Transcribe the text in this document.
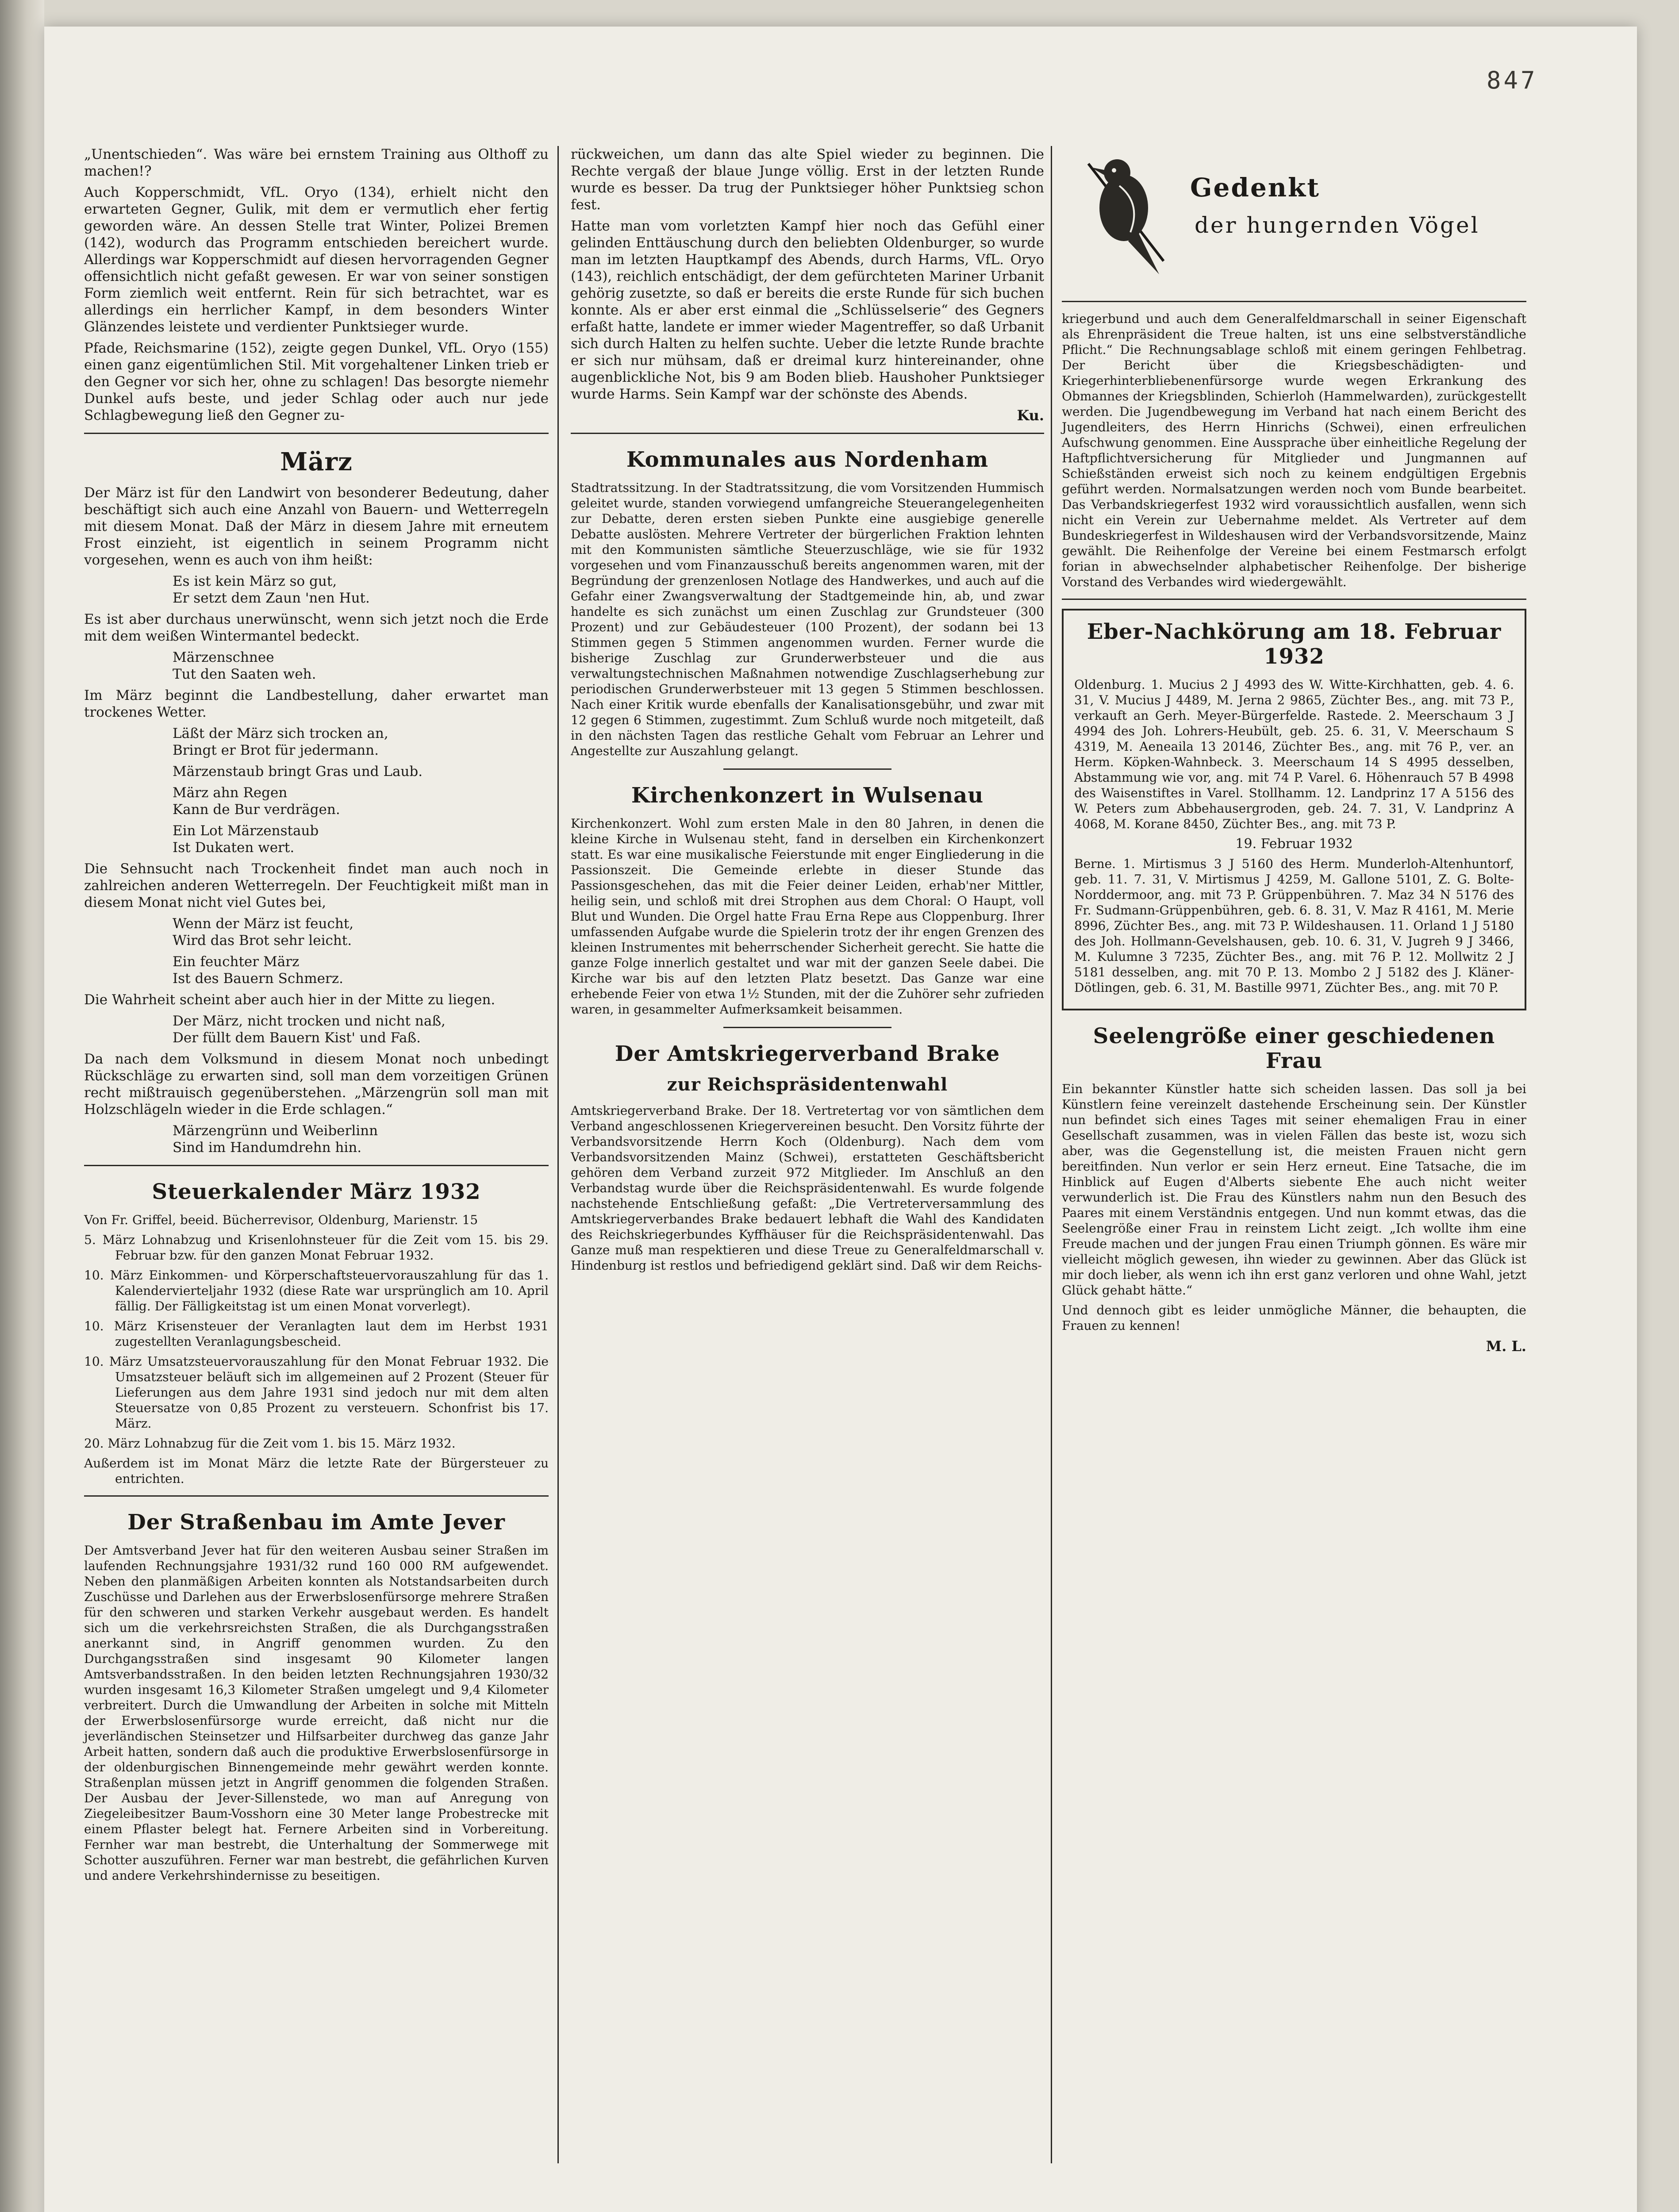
847

„Unentschieden“. Was wäre bei ernstem Training aus Olthoff zu machen!?

Auch Kopperschmidt, VfL. Oryo (134), erhielt nicht den erwarteten Gegner, Gulik, mit dem er vermutlich eher fertig geworden wäre. An dessen Stelle trat Winter, Polizei Bremen (142), wodurch das Programm entschieden bereichert wurde. Allerdings war Kopperschmidt auf diesen hervorragenden Gegner offensichtlich nicht gefaßt gewesen. Er war von seiner sonstigen Form ziemlich weit entfernt. Rein für sich betrachtet, war es allerdings ein herrlicher Kampf, in dem besonders Winter Glänzendes leistete und verdienter Punktsieger wurde.

Pfade, Reichsmarine (152), zeigte gegen Dunkel, VfL. Oryo (155) einen ganz eigentümlichen Stil. Mit vorgehaltener Linken trieb er den Gegner vor sich her, ohne zu schlagen! Das besorgte niemehr Dunkel aufs beste, und jeder Schlag oder auch nur jede Schlagbewegung ließ den Gegner zu-

März

Der März ist für den Landwirt von besonderer Bedeutung, daher beschäftigt sich auch eine Anzahl von Bauern- und Wetterregeln mit diesem Monat. Daß der März in diesem Jahre mit erneutem Frost einzieht, ist eigentlich in seinem Programm nicht vorgesehen, wenn es auch von ihm heißt:

Es ist kein März so gut,
Er setzt dem Zaun 'nen Hut.

Es ist aber durchaus unerwünscht, wenn sich jetzt noch die Erde mit dem weißen Wintermantel bedeckt.

Märzenschnee
Tut den Saaten weh.

Im März beginnt die Landbestellung, daher erwartet man trockenes Wetter.

Läßt der März sich trocken an,
Bringt er Brot für jedermann.

Märzenstaub bringt Gras und Laub.

März ahn Regen
Kann de Bur verdrägen.

Ein Lot Märzenstaub
Ist Dukaten wert.

Die Sehnsucht nach Trockenheit findet man auch noch in zahlreichen anderen Wetterregeln. Der Feuchtigkeit mißt man in diesem Monat nicht viel Gutes bei,

Wenn der März ist feucht,
Wird das Brot sehr leicht.

Ein feuchter März
Ist des Bauern Schmerz.

Die Wahrheit scheint aber auch hier in der Mitte zu liegen.

Der März, nicht trocken und nicht naß,
Der füllt dem Bauern Kist' und Faß.

Da nach dem Volksmund in diesem Monat noch unbedingt Rückschläge zu erwarten sind, soll man dem vorzeitigen Grünen recht mißtrauisch gegenüberstehen. „Märzengrün soll man mit Holzschlägeln wieder in die Erde schlagen.“

Märzengrünn und Weiberlinn
Sind im Handumdrehn hin.

Steuerkalender März 1932

Von Fr. Griffel, beeid. Bücherrevisor, Oldenburg, Marienstr. 15

5. März Lohnabzug und Krisenlohnsteuer für die Zeit vom 15. bis 29. Februar bzw. für den ganzen Monat Februar 1932.

10. März Einkommen- und Körperschaftsteuervorauszahlung für das 1. Kalendervierteljahr 1932 (diese Rate war ursprünglich am 10. April fällig. Der Fälligkeitstag ist um einen Monat vorverlegt).

10. März Krisensteuer der Veranlagten laut dem im Herbst 1931 zugestellten Veranlagungsbescheid.

10. März Umsatzsteuervorauszahlung für den Monat Februar 1932. Die Umsatzsteuer beläuft sich im allgemeinen auf 2 Prozent (Steuer für Lieferungen aus dem Jahre 1931 sind jedoch nur mit dem alten Steuersatze von 0,85 Prozent zu versteuern. Schonfrist bis 17. März.

20. März Lohnabzug für die Zeit vom 1. bis 15. März 1932.

Außerdem ist im Monat März die letzte Rate der Bürgersteuer zu entrichten.

Der Straßenbau im Amte Jever

Der Amtsverband Jever hat für den weiteren Ausbau seiner Straßen im laufenden Rechnungsjahre 1931/32 rund 160 000 RM aufgewendet. Neben den planmäßigen Arbeiten konnten als Notstandsarbeiten durch Zuschüsse und Darlehen aus der Erwerbslosenfürsorge mehrere Straßen für den schweren und starken Verkehr ausgebaut werden. Es handelt sich um die verkehrsreichsten Straßen, die als Durchgangsstraßen anerkannt sind, in Angriff genommen wurden. Zu den Durchgangsstraßen sind insgesamt 90 Kilometer langen Amtsverbandsstraßen. In den beiden letzten Rechnungsjahren 1930/32 wurden insgesamt 16,3 Kilometer Straßen umgelegt und 9,4 Kilometer verbreitert. Durch die Umwandlung der Arbeiten in solche mit Mitteln der Erwerbslosenfürsorge wurde erreicht, daß nicht nur die jeverländischen Steinsetzer und Hilfsarbeiter durchweg das ganze Jahr Arbeit hatten, sondern daß auch die produktive Erwerbslosenfürsorge in der oldenburgischen Binnengemeinde mehr gewährt werden konnte. Straßenplan müssen jetzt in Angriff genommen die folgenden Straßen. Der Ausbau der Jever-Sillenstede, wo man auf Anregung von Ziegeleibesitzer Baum-Vosshorn eine 30 Meter lange Probestrecke mit einem Pflaster belegt hat. Fernere Arbeiten sind in Vorbereitung. Fernher war man bestrebt, die Unterhaltung der Sommerwege mit Schotter auszuführen. Ferner war man bestrebt, die gefährlichen Kurven und andere Verkehrshindernisse zu beseitigen.

rückweichen, um dann das alte Spiel wieder zu beginnen. Die Rechte vergaß der blaue Junge völlig. Erst in der letzten Runde wurde es besser. Da trug der Punktsieger höher Punktsieg schon fest.

Hatte man vom vorletzten Kampf hier noch das Gefühl einer gelinden Enttäuschung durch den beliebten Oldenburger, so wurde man im letzten Hauptkampf des Abends, durch Harms, VfL. Oryo (143), reichlich entschädigt, der dem gefürchteten Mariner Urbanit gehörig zusetzte, so daß er bereits die erste Runde für sich buchen konnte. Als er aber erst einmal die „Schlüsselserie“ des Gegners erfaßt hatte, landete er immer wieder Magentreffer, so daß Urbanit sich durch Halten zu helfen suchte. Ueber die letzte Runde brachte er sich nur mühsam, daß er dreimal kurz hintereinander, ohne augenblickliche Not, bis 9 am Boden blieb. Haushoher Punktsieger wurde Harms. Sein Kampf war der schönste des Abends.

Ku.

Kommunales aus Nordenham

Stadtratssitzung. In der Stadtratssitzung, die vom Vorsitzenden Hummisch geleitet wurde, standen vorwiegend umfangreiche Steuerangelegenheiten zur Debatte, deren ersten sieben Punkte eine ausgiebige generelle Debatte auslösten. Mehrere Vertreter der bürgerlichen Fraktion lehnten mit den Kommunisten sämtliche Steuerzuschläge, wie sie für 1932 vorgesehen und vom Finanzausschuß bereits angenommen waren, mit der Begründung der grenzenlosen Notlage des Handwerkes, und auch auf die Gefahr einer Zwangsverwaltung der Stadtgemeinde hin, ab, und zwar handelte es sich zunächst um einen Zuschlag zur Grundsteuer (300 Prozent) und zur Gebäudesteuer (100 Prozent), der sodann bei 13 Stimmen gegen 5 Stimmen angenommen wurden. Ferner wurde die bisherige Zuschlag zur Grunderwerbsteuer und die aus verwaltungstechnischen Maßnahmen notwendige Zuschlagserhebung zur periodischen Grunderwerbsteuer mit 13 gegen 5 Stimmen beschlossen. Nach einer Kritik wurde ebenfalls der Kanalisationsgebühr, und zwar mit 12 gegen 6 Stimmen, zugestimmt. Zum Schluß wurde noch mitgeteilt, daß in den nächsten Tagen das restliche Gehalt vom Februar an Lehrer und Angestellte zur Auszahlung gelangt.

Kirchenkonzert in Wulsenau

Kirchenkonzert. Wohl zum ersten Male in den 80 Jahren, in denen die kleine Kirche in Wulsenau steht, fand in derselben ein Kirchenkonzert statt. Es war eine musikalische Feierstunde mit enger Eingliederung in die Passionszeit. Die Gemeinde erlebte in dieser Stunde das Passionsgeschehen, das mit die Feier deiner Leiden, erhab'ner Mittler, heilig sein, und schloß mit drei Strophen aus dem Choral: O Haupt, voll Blut und Wunden. Die Orgel hatte Frau Erna Repe aus Cloppenburg. Ihrer umfassenden Aufgabe wurde die Spielerin trotz der ihr engen Grenzen des kleinen Instrumentes mit beherrschender Sicherheit gerecht. Sie hatte die ganze Folge innerlich gestaltet und war mit der ganzen Seele dabei. Die Kirche war bis auf den letzten Platz besetzt. Das Ganze war eine erhebende Feier von etwa 1½ Stunden, mit der die Zuhörer sehr zufrieden waren, in gesammelter Aufmerksamkeit beisammen.

Der Amtskriegerverband Brake
zur Reichspräsidentenwahl

Amtskriegerverband Brake. Der 18. Vertretertag vor von sämtlichen dem Verband angeschlossenen Kriegervereinen besucht. Den Vorsitz führte der Verbandsvorsitzende Herrn Koch (Oldenburg). Nach dem vom Verbandsvorsitzenden Mainz (Schwei), erstatteten Geschäftsbericht gehören dem Verband zurzeit 972 Mitglieder. Im Anschluß an den Verbandstag wurde über die Reichspräsidentenwahl. Es wurde folgende nachstehende Entschließung gefaßt: „Die Vertreterversammlung des Amtskriegerverbandes Brake bedauert lebhaft die Wahl des Kandidaten des Reichskriegerbundes Kyffhäuser für die Reichspräsidentenwahl. Das Ganze muß man respektieren und diese Treue zu Generalfeldmarschall v. Hindenburg ist restlos und befriedigend geklärt sind. Daß wir dem Reichs-

Gedenkt
der hungernden Vögel

kriegerbund und auch dem Generalfeldmarschall in seiner Eigenschaft als Ehrenpräsident die Treue halten, ist uns eine selbstverständliche Pflicht.“ Die Rechnungsablage schloß mit einem geringen Fehlbetrag. Der Bericht über die Kriegsbeschädigten- und Kriegerhinterbliebenenfürsorge wurde wegen Erkrankung des Obmannes der Kriegsblinden, Schierloh (Hammelwarden), zurückgestellt werden. Die Jugendbewegung im Verband hat nach einem Bericht des Jugendleiters, des Herrn Hinrichs (Schwei), einen erfreulichen Aufschwung genommen. Eine Aussprache über einheitliche Regelung der Haftpflichtversicherung für Mitglieder und Jungmannen auf Schießständen erweist sich noch zu keinem endgültigen Ergebnis geführt werden. Normalsatzungen werden noch vom Bunde bearbeitet. Das Verbandskriegerfest 1932 wird voraussichtlich ausfallen, wenn sich nicht ein Verein zur Uebernahme meldet. Als Vertreter auf dem Bundeskriegerfest in Wildeshausen wird der Verbandsvorsitzende, Mainz gewählt. Die Reihenfolge der Vereine bei einem Festmarsch erfolgt forian in abwechselnder alphabetischer Reihenfolge. Der bisherige Vorstand des Verbandes wird wiedergewählt.

Eber-Nachkörung am 18. Februar 1932

Oldenburg. 1. Mucius 2 J 4993 des W. Witte-Kirchhatten, geb. 4. 6. 31, V. Mucius J 4489, M. Jerna 2 9865, Züchter Bes., ang. mit 73 P., verkauft an Gerh. Meyer-Bürgerfelde. Rastede. 2. Meerschaum 3 J 4994 des Joh. Lohrers-Heubült, geb. 25. 6. 31, V. Meerschaum S 4319, M. Aeneaila 13 20146, Züchter Bes., ang. mit 76 P., ver. an Herm. Köpken-Wahnbeck. 3. Meerschaum 14 S 4995 desselben, Abstammung wie vor, ang. mit 74 P. Varel. 6. Höhenrauch 57 B 4998 des Waisenstiftes in Varel. Stollhamm. 12. Landprinz 17 A 5156 des W. Peters zum Abbehausergroden, geb. 24. 7. 31, V. Landprinz A 4068, M. Korane 8450, Züchter Bes., ang. mit 73 P.

19. Februar 1932

Berne. 1. Mirtismus 3 J 5160 des Herm. Munderloh-Altenhuntorf, geb. 11. 7. 31, V. Mirtismus J 4259, M. Gallone 5101, Z. G. Bolte-Norddermoor, ang. mit 73 P. Grüppenbühren. 7. Maz 34 N 5176 des Fr. Sudmann-Grüppenbühren, geb. 6. 8. 31, V. Maz R 4161, M. Merie 8996, Züchter Bes., ang. mit 73 P. Wildeshausen. 11. Orland 1 J 5180 des Joh. Hollmann-Gevelshausen, geb. 10. 6. 31, V. Jugreh 9 J 3466, M. Kulumne 3 7235, Züchter Bes., ang. mit 76 P. 12. Mollwitz 2 J 5181 desselben, ang. mit 70 P. 13. Mombo 2 J 5182 des J. Kläner-Dötlingen, geb. 6. 31, M. Bastille 9971, Züchter Bes., ang. mit 70 P.

Seelengröße einer geschiedenen Frau

Ein bekannter Künstler hatte sich scheiden lassen. Das soll ja bei Künstlern feine vereinzelt dastehende Erscheinung sein. Der Künstler nun befindet sich eines Tages mit seiner ehemaligen Frau in einer Gesellschaft zusammen, was in vielen Fällen das beste ist, wozu sich aber, was die Gegenstellung ist, die meisten Frauen nicht gern bereitfinden. Nun verlor er sein Herz erneut. Eine Tatsache, die im Hinblick auf Eugen d'Alberts siebente Ehe auch nicht weiter verwunderlich ist. Die Frau des Künstlers nahm nun den Besuch des Paares mit einem Verständnis entgegen. Und nun kommt etwas, das die Seelengröße einer Frau in reinstem Licht zeigt. „Ich wollte ihm eine Freude machen und der jungen Frau einen Triumph gönnen. Es wäre mir vielleicht möglich gewesen, ihn wieder zu gewinnen. Aber das Glück ist mir doch lieber, als wenn ich ihn erst ganz verloren und ohne Wahl, jetzt Glück gehabt hätte.“

Und dennoch gibt es leider unmögliche Männer, die behaupten, die Frauen zu kennen!

M. L.
